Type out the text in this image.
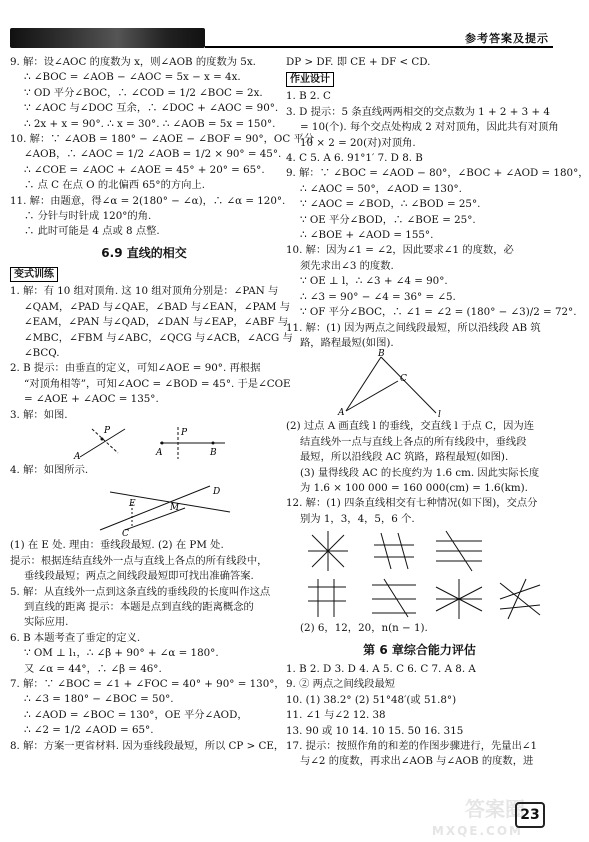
参考答案及提示
9. 解：设∠AOC 的度数为 x，则∠AOB 的度数为 5x.
∴ ∠BOC = ∠AOB − ∠AOC = 5x − x = 4x.
∵ OD 平分∠BOC，∴ ∠COD = 1/2 ∠BOC = 2x.
∵ ∠AOC 与∠DOC 互余，∴ ∠DOC + ∠AOC = 90°.
∴ 2x + x = 90°. ∴ x = 30°. ∴ ∠AOB = 5x = 150°.
10. 解：∵ ∠AOB = 180° − ∠AOE − ∠BOF = 90°，OC 平分
∠AOB，∴ ∠AOC = 1/2 ∠AOB = 1/2 × 90° = 45°.
∴ ∠COE = ∠AOC + ∠AOE = 45° + 20° = 65°.
∴ 点 C 在点 O 的北偏西 65°的方向上.
11. 解：由题意，得∠α = 2(180° − ∠α)，∴ ∠α = 120°.
∴ 分针与时针成 120°的角.
∴ 此时可能是 4 点或 8 点整.
6.9 直线的相交
变式训练
1. 解：有 10 组对顶角. 这 10 组对顶角分别是：∠PAN 与
∠QAM，∠PAD 与∠QAE，∠BAD 与∠EAN，∠PAM 与
∠EAM，∠PAN 与∠QAD，∠DAN 与∠EAP，∠ABF 与
∠MBC，∠FBM 与∠ABC，∠QCG 与∠ACB，∠ACG 与
∠BCQ.
2. B 提示：由垂直的定义，可知∠AOE = 90°. 再根据
“对顶角相等”，可知∠AOC = ∠BOD = 45°. 于是∠COE
= ∠AOE + ∠AOC = 135°.
3. 解：如图.
P
A	A
P
B
4. 解：如图所示.
E	M
D
C
(1) 在 E 处. 理由：垂线段最短. (2) 在 PM 处.
提示：根据连结直线外一点与直线上各点的所有线段中，
垂线段最短；两点之间线段最短即可找出准确答案.
5. 解：从直线外一点到这条直线的垂线段的长度叫作这点
到直线的距离 提示：本题是点到直线的距离概念的
实际应用.
6. B 本题考查了垂定的定义.
∵ OM ⊥ l₁，∴ ∠β + 90° + ∠α = 180°.
又 ∠α = 44°，∴ ∠β = 46°.
7. 解：∵ ∠BOC = ∠1 + ∠FOC = 40° + 90° = 130°，
∴ ∠3 = 180° − ∠BOC = 50°.
∴ ∠AOD = ∠BOC = 130°，OE 平分∠AOD，
∴ ∠2 = 1/2 ∠AOD = 65°.
8. 解：方案一更省材料. 因为垂线段最短，所以 CP > CE，
DP > DF. 即 CE + DF < CD.
作业设计
1. B 2. C
3. D 提示：5 条直线两两相交的交点数为 1 + 2 + 3 + 4
= 10(个). 每个交点处构成 2 对对顶角，因此共有对顶角
10 × 2 = 20(对)对顶角.
4. C 5. A 6. 91°1′ 7. D 8. B
9. 解：∵ ∠BOC = ∠AOD − 80°，∠BOC + ∠AOD = 180°，
∴ ∠AOC = 50°，∠AOD = 130°.
∵ ∠AOC = ∠BOD，∴ ∠BOD = 25°.
∵ OE 平分∠BOD，∴ ∠BOE = 25°.
∴ ∠BOE + ∠AOD = 155°.
10. 解：因为∠1 = ∠2，因此要求∠1 的度数，必
须先求出∠3 的度数.
∵ OE ⊥ l，∴ ∠3 + ∠4 = 90°.
∴ ∠3 = 90° − ∠4 = 36° = ∠5.
∵ OF 平分∠BOC，∴ ∠1 = ∠2 = (180° − ∠3)/2 = 72°.
11. 解：(1) 因为两点之间线段最短，所以沿线段 AB 筑
路，路程最短(如图).
B
C
A	l
(2) 过点 A 画直线 l 的垂线，交直线 l 于点 C，因为连
结直线外一点与直线上各点的所有线段中，垂线段
最短，所以沿线段 AC 筑路，路程最短(如图).
(3) 量得线段 AC 的长度约为 1.6 cm. 因此实际长度
为 1.6 × 100 000 = 160 000(cm) = 1.6(km).
12. 解：(1) 四条直线相交有七种情况(如下图)，交点分
别为 1，3，4，5，6 个.
(2) 6，12，20，n(n − 1).
第 6 章综合能力评估
1. B 2. D 3. D 4. A 5. C 6. C 7. A 8. A
9. ② 两点之间线段最短
10. (1) 38.2° (2) 51°48′(或 51.8°)
11. ∠1 与∠2 12. 38
13. 90 或 10 14. 10 15. 50 16. 315
17. 提示：按照作角的和差的作图步骤进行，先量出∠1
与∠2 的度数，再求出∠AOB 与∠AOB 的度数，进
答案圈
MXQE.COM
23
